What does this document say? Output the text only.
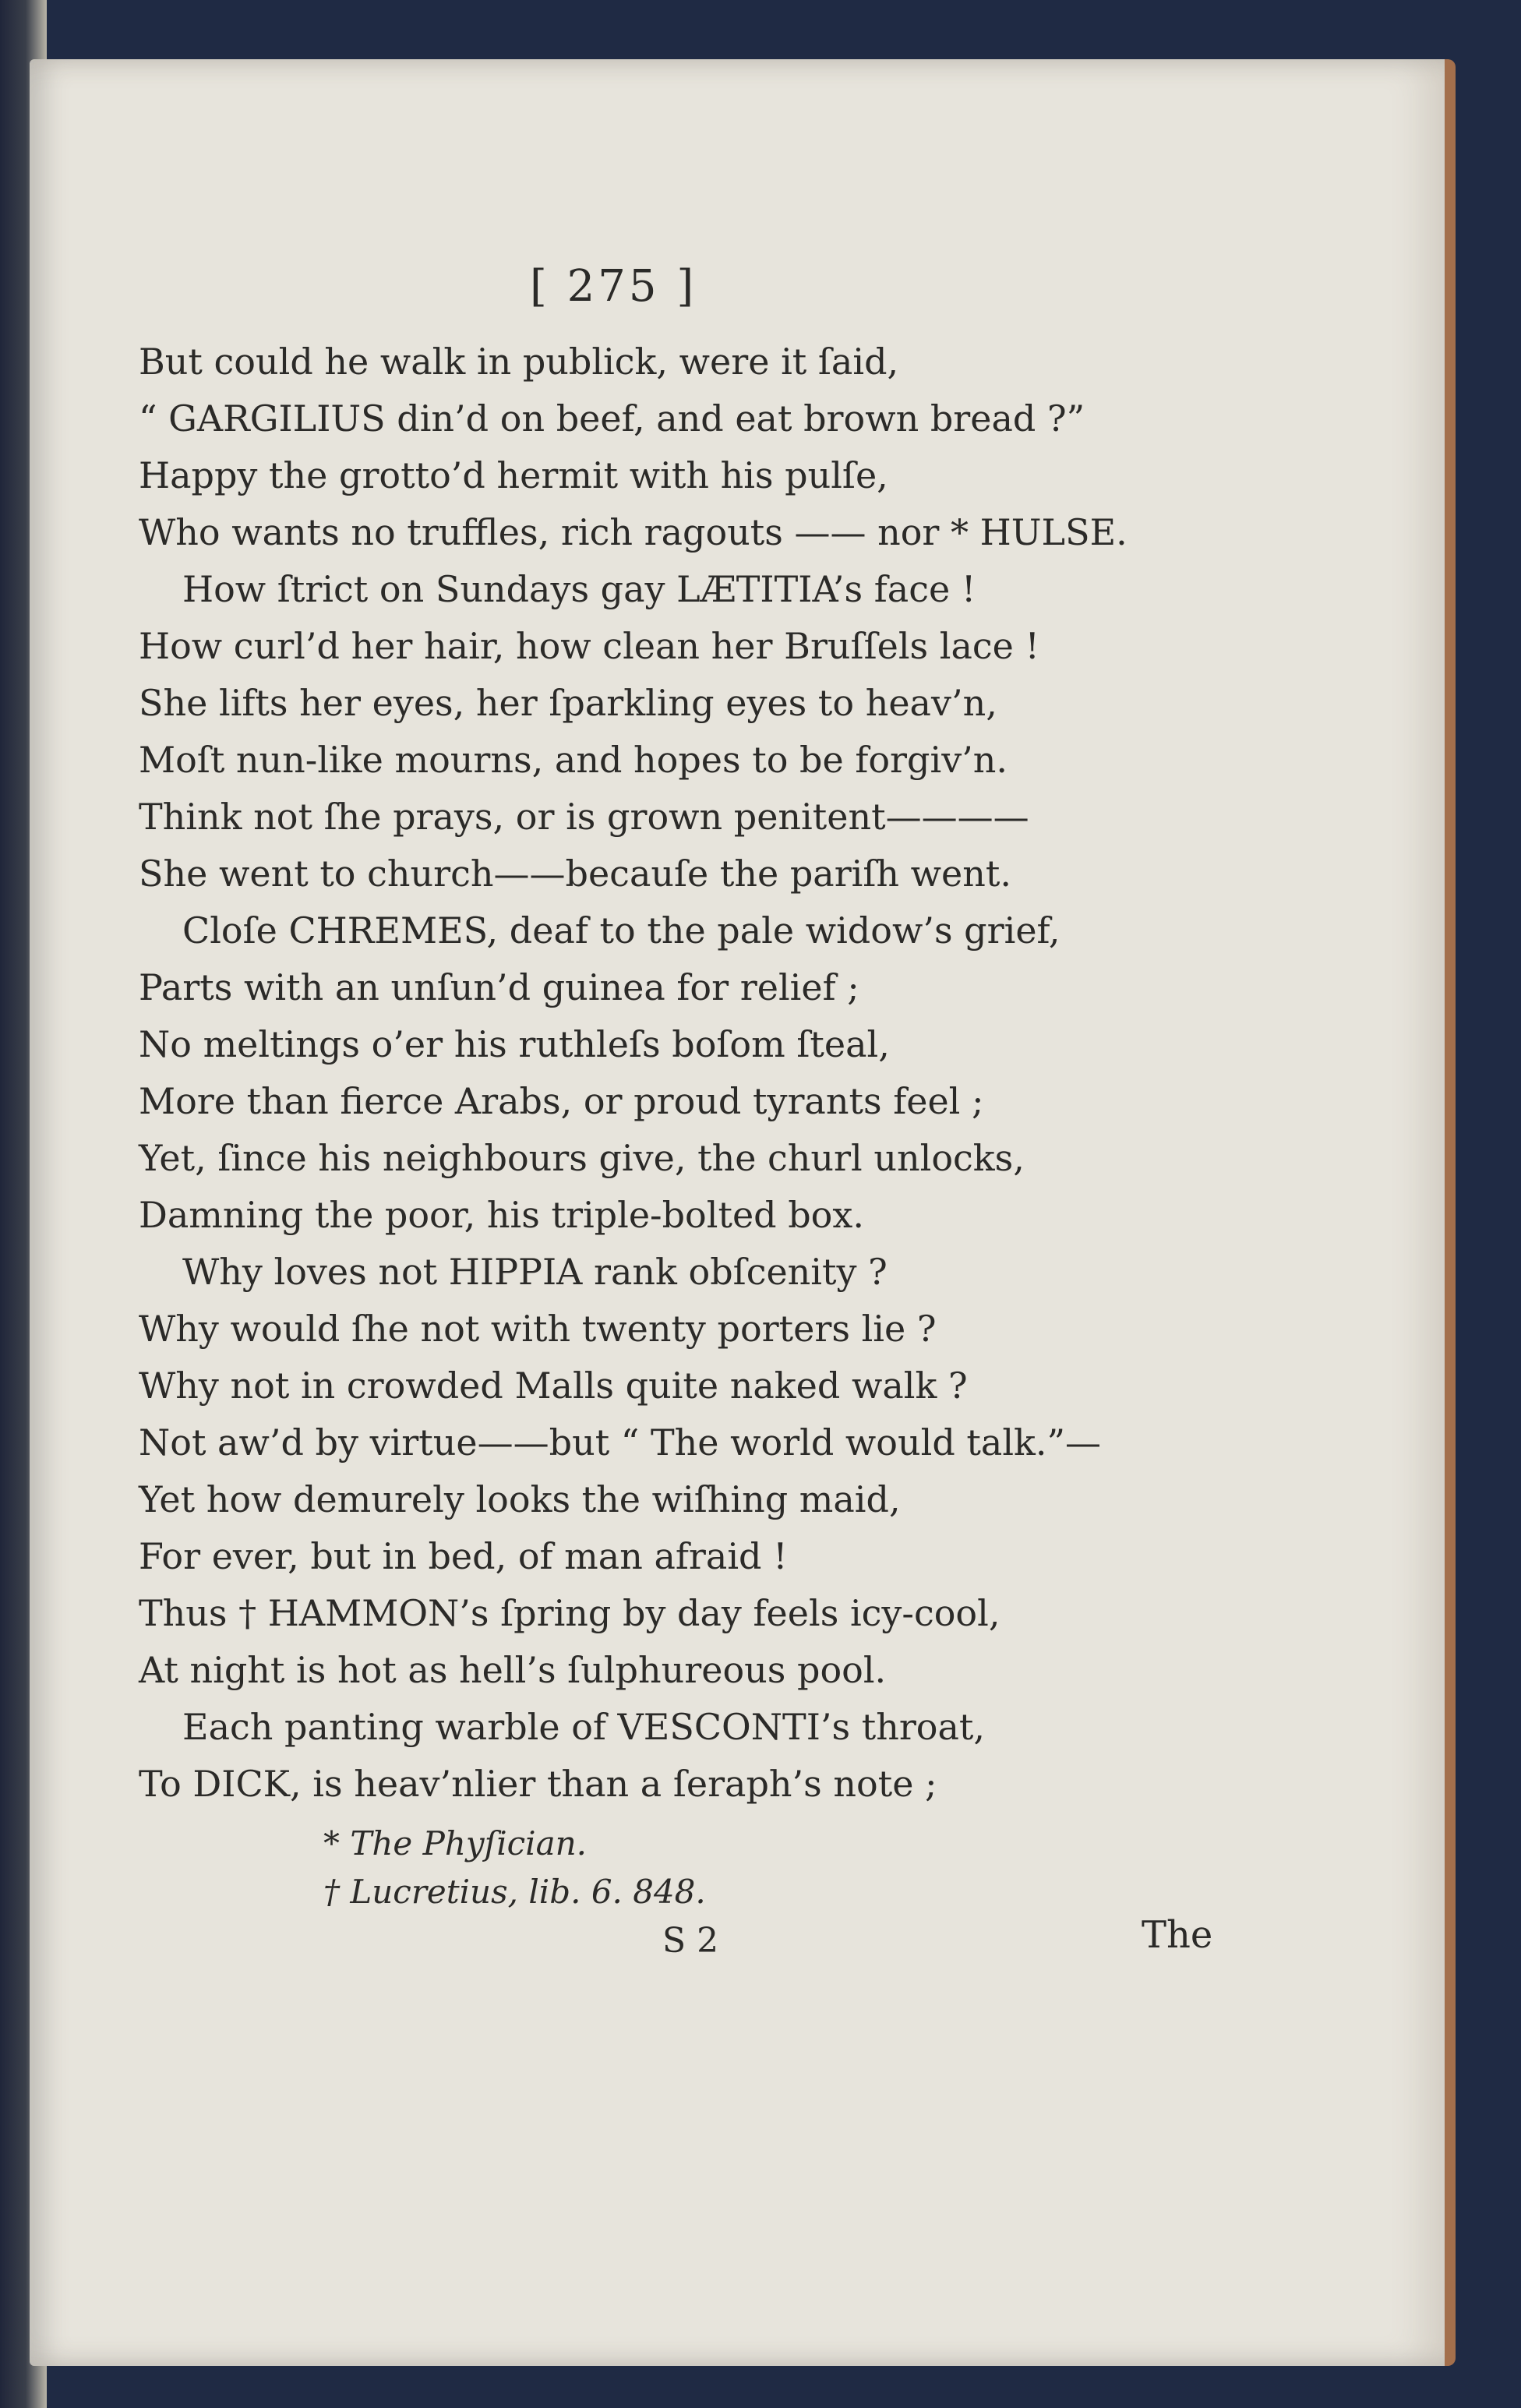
[ 275 ]
But could he walk in publick, were it ſaid,
“ GARGILIUS din’d on beef, and eat brown bread ?”
Happy the grotto’d hermit with his pulſe,
Who wants no truffles, rich ragouts —— nor * HULSE.
How ſtrict on Sundays gay LÆTITIA’s face !
How curl’d her hair, how clean her Bruſſels lace !
She lifts her eyes, her ſparkling eyes to heav’n,
Moſt nun-like mourns, and hopes to be forgiv’n.
Think not ſhe prays, or is grown penitent————
She went to church——becauſe the pariſh went.
Cloſe CHREMES, deaf to the pale widow’s grief,
Parts with an unſun’d guinea for relief ;
No meltings o’er his ruthleſs boſom ſteal,
More than fierce Arabs, or proud tyrants feel ;
Yet, ſince his neighbours give, the churl unlocks,
Damning the poor, his triple-bolted box.
Why loves not HIPPIA rank obſcenity ?
Why would ſhe not with twenty porters lie ?
Why not in crowded Malls quite naked walk ?
Not aw’d by virtue——but “ The world would talk.”—
Yet how demurely looks the wiſhing maid,
For ever, but in bed, of man afraid !
Thus † HAMMON’s ſpring by day feels icy-cool,
At night is hot as hell’s ſulphureous pool.
Each panting warble of VESCONTI’s throat,
To DICK, is heav’nlier than a ſeraph’s note ;
* The Phyſician.
† Lucretius, lib. 6. 848.
S 2	The
